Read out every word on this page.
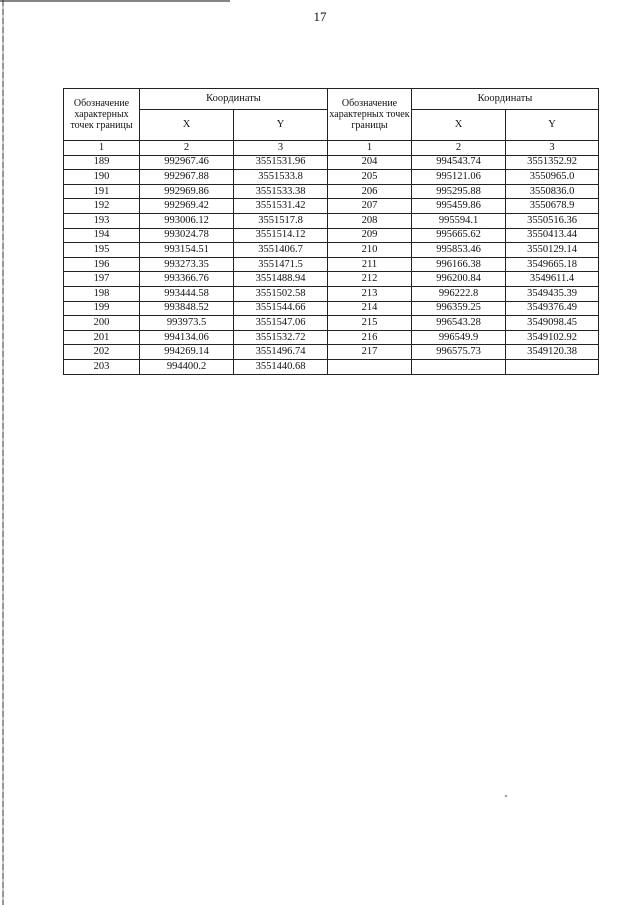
17
Обозначение характерных точек границы	Координаты		Обозначение характерных точек границы	Координаты	
	X	Y		X	Y
1	2	3	1	2	3
189	992967.46	3551531.96	204	994543.74	3551352.92
190	992967.88	3551533.8	205	995121.06	3550965.0
191	992969.86	3551533.38	206	995295.88	3550836.0
192	992969.42	3551531.42	207	995459.86	3550678.9
193	993006.12	3551517.8	208	995594.1	3550516.36
194	993024.78	3551514.12	209	995665.62	3550413.44
195	993154.51	3551406.7	210	995853.46	3550129.14
196	993273.35	3551471.5	211	996166.38	3549665.18
197	993366.76	3551488.94	212	996200.84	3549611.4
198	993444.58	3551502.58	213	996222.8	3549435.39
199	993848.52	3551544.66	214	996359.25	3549376.49
200	993973.5	3551547.06	215	996543.28	3549098.45
201	994134.06	3551532.72	216	996549.9	3549102.92
202	994269.14	3551496.74	217	996575.73	3549120.38
203	994400.2	3551440.68			
